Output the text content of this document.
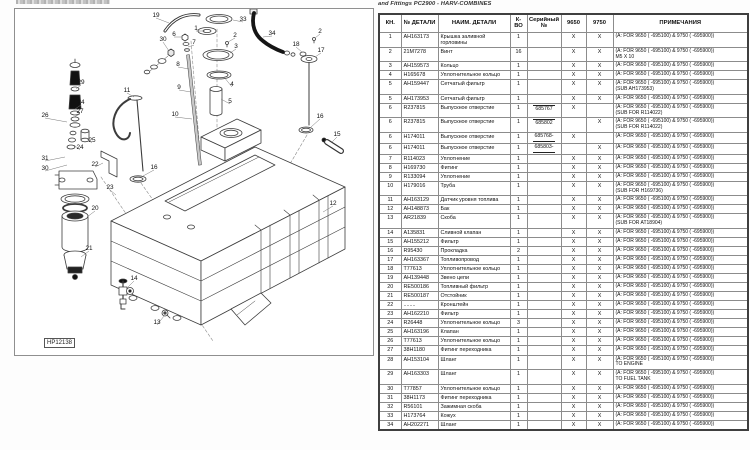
and Fittings PC2900 - HARV-COMBINES
19
33
1
2
3
4
5
34	2
18
17
16
15
6
7
8
9
10
30
11
16
29
24
27
26
25
24
31
30
22
23
20
21
14
13
12
HP12138
КН.	№ ДЕТАЛИ	НАИМ. ДЕТАЛИ	К-ВО	Серийный №	9650	9750	ПРИМЕЧАНИЯ
1	AH163173	Крышка заливной горловины	1		X	X	(A: FOR 9650 ( -695100) & 9750 ( -695900))

2	21M7278	Винт	16		X	X	(A: FOR 9650 ( -695100) & 9750 ( -695900))
M5 X 10

3	AH159573	Кольцо	1		X	X	(A: FOR 9650 ( -695100) & 9750 ( -695900))

4	H165678	Уплотнительное кольцо	1		X	X	(A: FOR 9650 ( -695100) & 9750 ( -695900))

5	AH159447	Сетчатый фильтр	1		X	X	(A: FOR 9650 ( -695100) & 9750 ( -695900))
(SUB AH173953)

5	AH173953	Сетчатый фильтр	1		X	X	(A: FOR 9650 ( -695100) & 9750 ( -695900))

6	R237815	Выпускное отверстие	1	685767	X		(A: FOR 9650 ( -695100) & 9750 ( -695900))
(SUB FOR R114022)

6	R237815	Выпускное отверстие	1	685802		X	(A: FOR 9650 ( -695100) & 9750 ( -695900))
(SUB FOR R114022)

6	H174011	Выпускное отверстие	1	685768-	X		(A: FOR 9650 ( -695100) & 9750 ( -695900))

6	H174011	Выпускное отверстие	1	685803-		X	(A: FOR 9650 ( -695100) & 9750 ( -695900))

7	R114023	Уплотнение	1		X	X	(A: FOR 9650 ( -695100) & 9750 ( -695900))

8	H169730	Фитинг	1		X	X	(A: FOR 9650 ( -695100) & 9750 ( -695900))

9	R133094	Уплотнение	1		X	X	(A: FOR 9650 ( -695100) & 9750 ( -695900))

10	H179016	Труба	1		X	X	(A: FOR 9650 ( -695100) & 9750 ( -695900))
(SUB FOR H169736)

11	AH163129	Датчик уровня топлива	1		X	X	(A: FOR 9650 ( -695100) & 9750 ( -695900))

12	AH148873	Бак	1		X	X	(A: FOR 9650 ( -695100) & 9750 ( -695900))

13	AR21839	Скоба	1		X	X	(A: FOR 9650 ( -695100) & 9750 ( -695900))
(SUB FOR AT18904)

14	A135831	Сливной клапан	1		X	X	(A: FOR 9650 ( -695100) & 9750 ( -695900))

15	AH155212	Фильтр	1		X	X	(A: FOR 9650 ( -695100) & 9750 ( -695900))

16	R95430	Прокладка	2		X	X	(A: FOR 9650 ( -695100) & 9750 ( -695900))

17	AH163367	Топливопровод	1		X	X	(A: FOR 9650 ( -695100) & 9750 ( -695900))

18	T77613	Уплотнительное кольцо	1		X	X	(A: FOR 9650 ( -695100) & 9750 ( -695900))

19	AH139448	Звено цепи	1		X	X	(A: FOR 9650 ( -695100) & 9750 ( -695900))

20	RE500186	Топливный фильтр	1		X	X	(A: FOR 9650 ( -695100) & 9750 ( -695900))

21	RE500187	Отстойник	1		X	X	(A: FOR 9650 ( -695100) & 9750 ( -695900))

22	........	Кронштейн	1		X	X	(A: FOR 9650 ( -695100) & 9750 ( -695900))

23	AH162210	Фильтр	1		X	X	(A: FOR 9650 ( -695100) & 9750 ( -695900))

24	R26448	Уплотнительное кольцо	3		X	X	(A: FOR 9650 ( -695100) & 9750 ( -695900))

25	AH163196	Клапан	1		X	X	(A: FOR 9650 ( -695100) & 9750 ( -695900))

26	T77613	Уплотнительное кольцо	1		X	X	(A: FOR 9650 ( -695100) & 9750 ( -695900))

27	38H1180	Фитинг переходника	1		X	X	(A: FOR 9650 ( -695100) & 9750 ( -695900))

28	AH153104	Шланг	1		X	X	(A: FOR 9650 ( -695100) & 9750 ( -695900))
TO ENGINE

29	AH163303	Шланг	1		X	X	(A: FOR 9650 ( -695100) & 9750 ( -695900))
TO FUEL TANK

30	T77857	Уплотнительное кольцо	1		X	X	(A: FOR 9650 ( -695100) & 9750 ( -695900))

31	38H1173	Фитинг переходника	1		X	X	(A: FOR 9650 ( -695100) & 9750 ( -695900))

32	R56101	Зажимная скоба	1		X	X	(A: FOR 9650 ( -695100) & 9750 ( -695900))

33	H173764	Кожух	1		X	X	(A: FOR 9650 ( -695100) & 9750 ( -695900))

34	AH202271	Шланг	1		X	X	(A: FOR 9650 ( -695100) & 9750 ( -695900))
